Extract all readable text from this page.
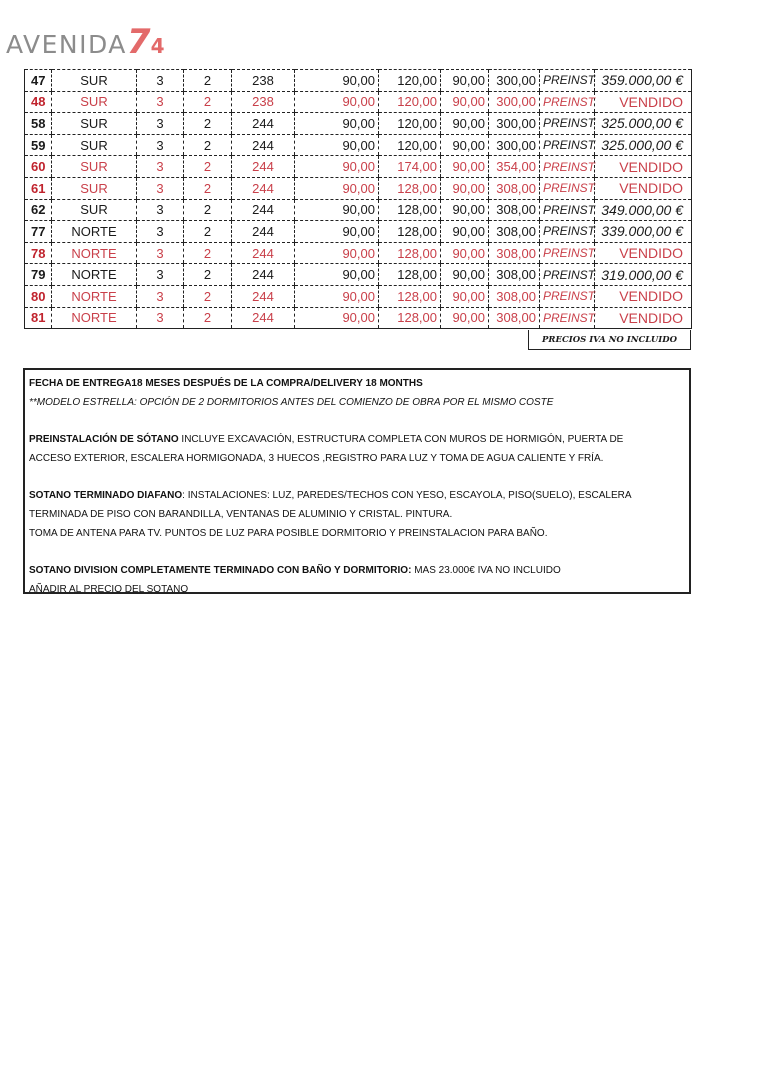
AVENIDA74
47	SUR	3	2	238	90,00	120,00	90,00	300,00	PREINST	359.000,00 €
48	SUR	3	2	238	90,00	120,00	90,00	300,00	PREINST	VENDIDO
58	SUR	3	2	244	90,00	120,00	90,00	300,00	PREINST	325.000,00 €
59	SUR	3	2	244	90,00	120,00	90,00	300,00	PREINST	325.000,00 €
60	SUR	3	2	244	90,00	174,00	90,00	354,00	PREINST	VENDIDO
61	SUR	3	2	244	90,00	128,00	90,00	308,00	PREINST	VENDIDO
62	SUR	3	2	244	90,00	128,00	90,00	308,00	PREINST	349.000,00 €
77	NORTE	3	2	244	90,00	128,00	90,00	308,00	PREINST	339.000,00 €
78	NORTE	3	2	244	90,00	128,00	90,00	308,00	PREINST	VENDIDO
79	NORTE	3	2	244	90,00	128,00	90,00	308,00	PREINST	319.000,00 €
80	NORTE	3	2	244	90,00	128,00	90,00	308,00	PREINST	VENDIDO
81	NORTE	3	2	244	90,00	128,00	90,00	308,00	PREINST	VENDIDO
PRECIOS IVA NO INCLUIDO

FECHA DE ENTREGA18 MESES DESPUÉS DE LA COMPRA/DELIVERY 18 MONTHS

**MODELO ESTRELLA: OPCIÓN DE 2 DORMITORIOS ANTES DEL COMIENZO DE OBRA POR EL MISMO COSTE

PREINSTALACIÓN DE SÓTANO INCLUYE EXCAVACIÓN, ESTRUCTURA COMPLETA CON MUROS DE HORMIGÓN, PUERTA DE

ACCESO EXTERIOR, ESCALERA HORMIGONADA, 3 HUECOS ,REGISTRO PARA LUZ Y TOMA DE AGUA CALIENTE Y FRÍA.

SOTANO TERMINADO DIAFANO: INSTALACIONES: LUZ, PAREDES/TECHOS CON YESO, ESCAYOLA, PISO(SUELO), ESCALERA

TERMINADA DE PISO CON BARANDILLA, VENTANAS DE ALUMINIO Y CRISTAL. PINTURA.

TOMA DE ANTENA PARA TV. PUNTOS DE LUZ PARA POSIBLE DORMITORIO Y PREINSTALACION PARA BAÑO.

SOTANO DIVISION COMPLETAMENTE TERMINADO CON BAÑO Y DORMITORIO: MAS 23.000€ IVA NO INCLUIDO

AÑADIR AL PRECIO DEL SOTANO
